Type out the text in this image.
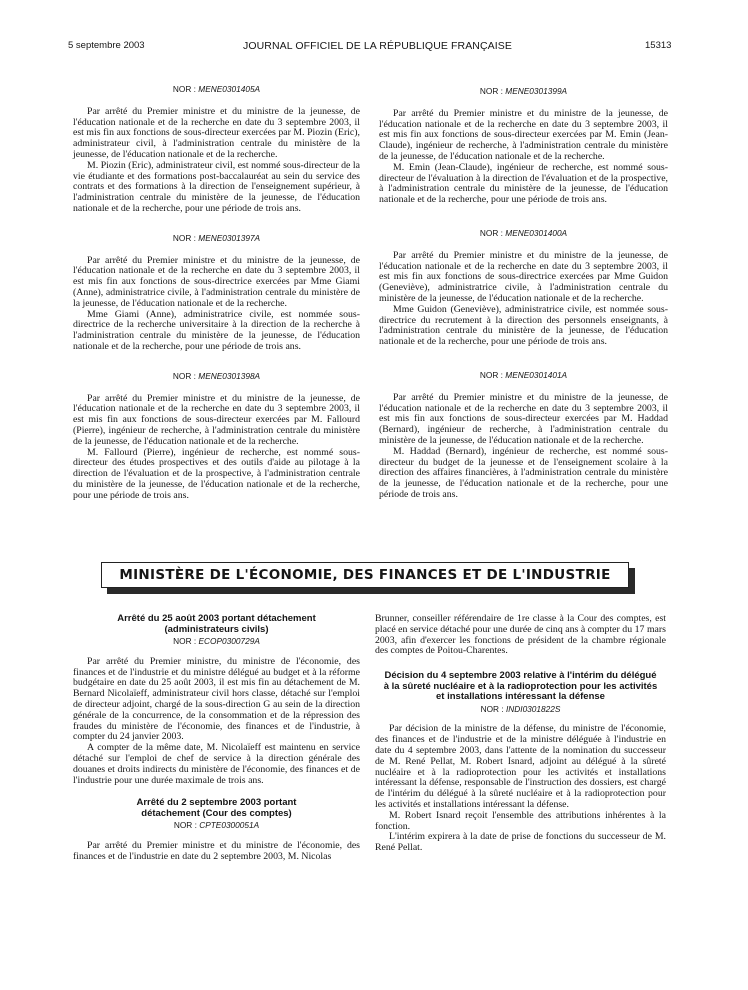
5 septembre 2003	JOURNAL OFFICIEL DE LA RÉPUBLIQUE FRANÇAISE	15313
NOR : MENE0301405A

Par arrêté du Premier ministre et du ministre de la jeunesse, de l'éducation nationale et de la recherche en date du 3 septembre 2003, il est mis fin aux fonctions de sous-directeur exercées par M. Piozin (Eric), administrateur civil, à l'administration centrale du ministère de la jeunesse, de l'éducation nationale et de la recherche.

M. Piozin (Eric), administrateur civil, est nommé sous-directeur de la vie étudiante et des formations post-baccalauréat au sein du service des contrats et des formations à la direction de l'enseignement supérieur, à l'administration centrale du ministère de la jeunesse, de l'éducation nationale et de la recherche, pour une période de trois ans.

NOR : MENE0301397A

Par arrêté du Premier ministre et du ministre de la jeunesse, de l'éducation nationale et de la recherche en date du 3 septembre 2003, il est mis fin aux fonctions de sous-directrice exercées par Mme Giami (Anne), administratrice civile, à l'administration centrale du ministère de la jeunesse, de l'éducation nationale et de la recherche.

Mme Giami (Anne), administratrice civile, est nommée sous-directrice de la recherche universitaire à la direction de la recherche à l'administration centrale du ministère de la jeunesse, de l'éducation nationale et de la recherche, pour une période de trois ans.

NOR : MENE0301398A

Par arrêté du Premier ministre et du ministre de la jeunesse, de l'éducation nationale et de la recherche en date du 3 septembre 2003, il est mis fin aux fonctions de sous-directeur exercées par M. Fallourd (Pierre), ingénieur de recherche, à l'administration centrale du ministère de la jeunesse, de l'éducation nationale et de la recherche.

M. Fallourd (Pierre), ingénieur de recherche, est nommé sous-directeur des études prospectives et des outils d'aide au pilotage à la direction de l'évaluation et de la prospective, à l'administration centrale du ministère de la jeunesse, de l'éducation nationale et de la recherche, pour une période de trois ans.

NOR : MENE0301399A

Par arrêté du Premier ministre et du ministre de la jeunesse, de l'éducation nationale et de la recherche en date du 3 septembre 2003, il est mis fin aux fonctions de sous-directeur exercées par M. Emin (Jean-Claude), ingénieur de recherche, à l'administration centrale du ministère de la jeunesse, de l'éducation nationale et de la recherche.

M. Emin (Jean-Claude), ingénieur de recherche, est nommé sous-directeur de l'évaluation à la direction de l'évaluation et de la prospective, à l'administration centrale du ministère de la jeunesse, de l'éducation nationale et de la recherche, pour une période de trois ans.

NOR : MENE0301400A

Par arrêté du Premier ministre et du ministre de la jeunesse, de l'éducation nationale et de la recherche en date du 3 septembre 2003, il est mis fin aux fonctions de sous-directrice exercées par Mme Guidon (Geneviève), administratrice civile, à l'administration centrale du ministère de la jeunesse, de l'éducation nationale et de la recherche.

Mme Guidon (Geneviève), administratrice civile, est nommée sous-directrice du recrutement à la direction des personnels enseignants, à l'administration centrale du ministère de la jeunesse, de l'éducation nationale et de la recherche, pour une période de trois ans.

NOR : MENE0301401A

Par arrêté du Premier ministre et du ministre de la jeunesse, de l'éducation nationale et de la recherche en date du 3 septembre 2003, il est mis fin aux fonctions de sous-directeur exercées par M. Haddad (Bernard), ingénieur de recherche, à l'administration centrale du ministère de la jeunesse, de l'éducation nationale et de la recherche.

M. Haddad (Bernard), ingénieur de recherche, est nommé sous-directeur du budget de la jeunesse et de l'enseignement scolaire à la direction des affaires financières, à l'administration centrale du ministère de la jeunesse, de l'éducation nationale et de la recherche, pour une période de trois ans.

MINISTÈRE DE L'ÉCONOMIE, DES FINANCES ET DE L'INDUSTRIE
Arrêté du 25 août 2003 portant détachement (administrateurs civils)
NOR : ECOP0300729A

Par arrêté du Premier ministre, du ministre de l'économie, des finances et de l'industrie et du ministre délégué au budget et à la réforme budgétaire en date du 25 août 2003, il est mis fin au détachement de M. Bernard Nicolaïeff, administrateur civil hors classe, détaché sur l'emploi de directeur adjoint, chargé de la sous-direction G au sein de la direction générale de la concurrence, de la consommation et de la répression des fraudes du ministère de l'économie, des finances et de l'industrie, à compter du 24 janvier 2003.

A compter de la même date, M. Nicolaïeff est maintenu en service détaché sur l'emploi de chef de service à la direction générale des douanes et droits indirects du ministère de l'économie, des finances et de l'industrie pour une durée maximale de trois ans.

Arrêté du 2 septembre 2003 portant détachement (Cour des comptes)
NOR : CPTE0300051A

Par arrêté du Premier ministre et du ministre de l'économie, des finances et de l'industrie en date du 2 septembre 2003, M. Nicolas

Brunner, conseiller référendaire de 1re classe à la Cour des comptes, est placé en service détaché pour une durée de cinq ans à compter du 17 mars 2003, afin d'exercer les fonctions de président de la chambre régionale des comptes de Poitou-Charentes.

Décision du 4 septembre 2003 relative à l'intérim du délégué à la sûreté nucléaire et à la radioprotection pour les activités et installations intéressant la défense
NOR : INDI0301822S

Par décision de la ministre de la défense, du ministre de l'économie, des finances et de l'industrie et de la ministre déléguée à l'industrie en date du 4 septembre 2003, dans l'attente de la nomination du successeur de M. René Pellat, M. Robert Isnard, adjoint au délégué à la sûreté nucléaire et à la radioprotection pour les activités et installations intéressant la défense, responsable de l'instruction des dossiers, est chargé de l'intérim du délégué à la sûreté nucléaire et à la radioprotection pour les activités et installations intéressant la défense.

M. Robert Isnard reçoit l'ensemble des attributions inhérentes à la fonction.

L'intérim expirera à la date de prise de fonctions du successeur de M. René Pellat.
